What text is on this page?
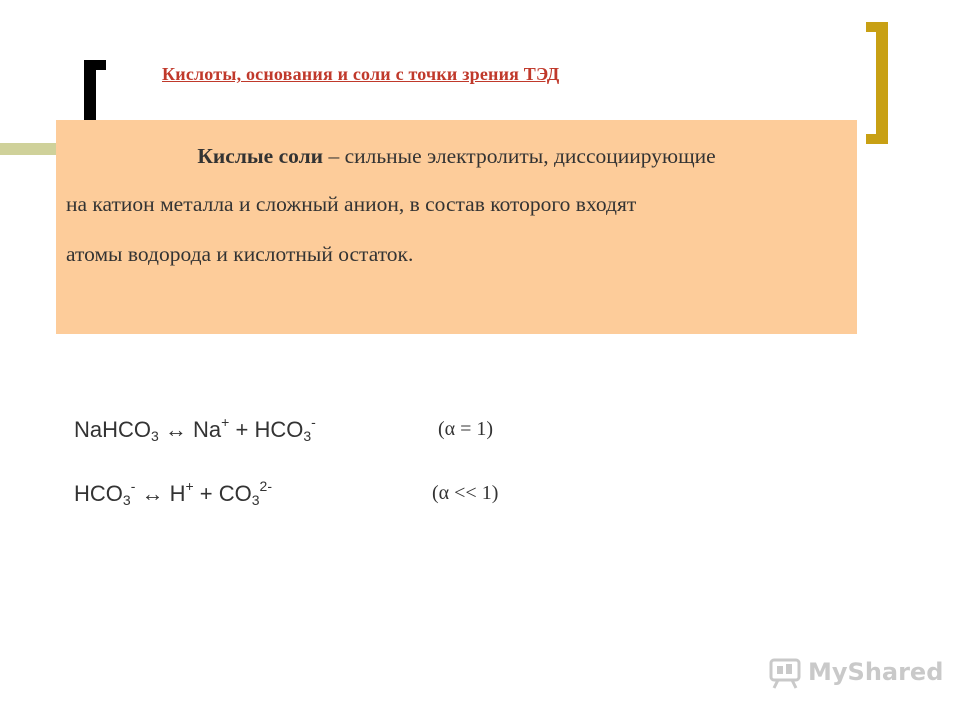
Кислоты, основания и соли с точки зрения ТЭД
Кислые соли – сильные электролиты, диссоциирующие
на катион металла и сложный анион, в состав которого входят
атомы водорода и кислотный остаток.
NaHCO$_3$ ↔ $Na^+ + HCO_3^-$	(α = 1)
$HCO_3^-$ ↔ $H^+ + CO_3^{2-}$	(α << 1)
MyShared
